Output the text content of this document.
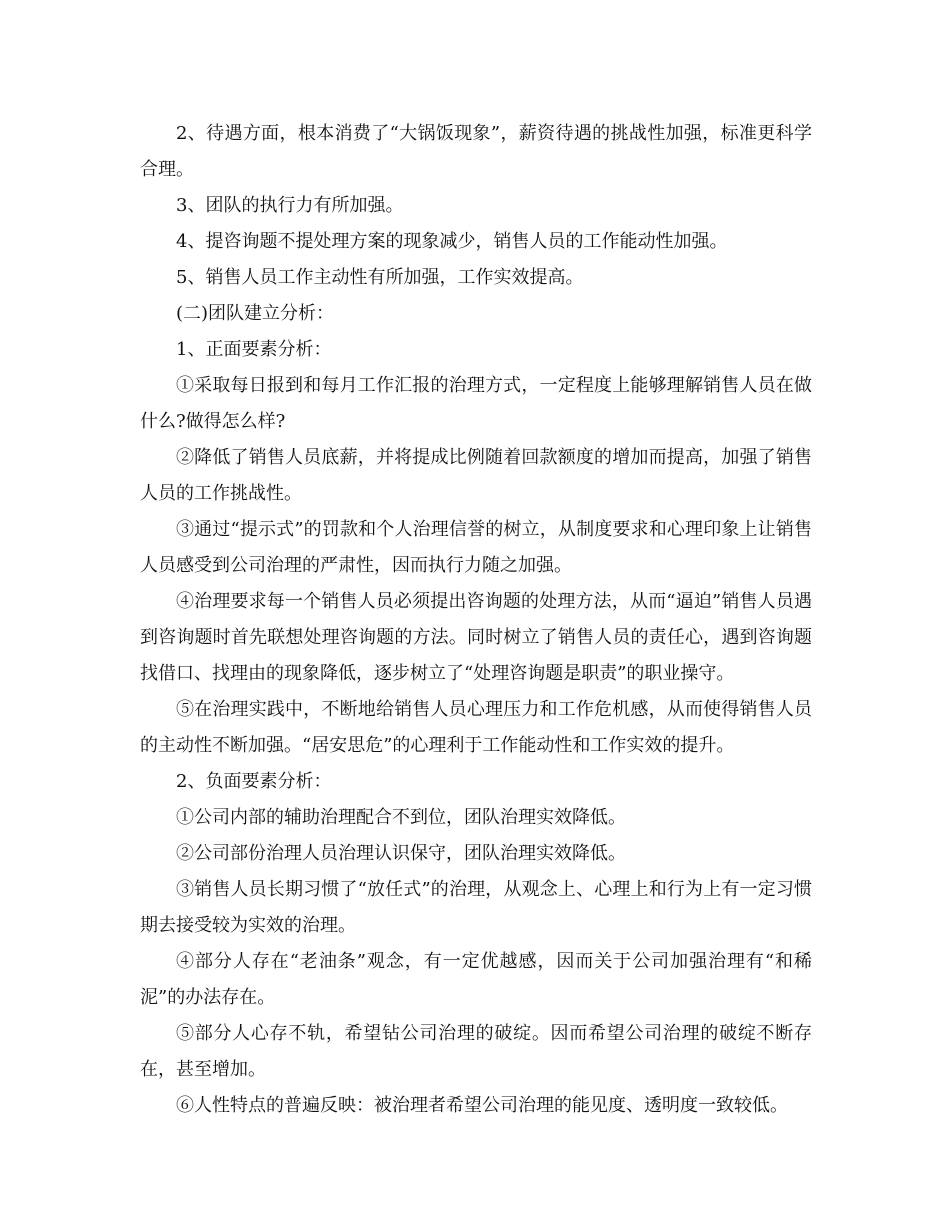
2、待遇方面，根本消费了“大锅饭现象”，薪资待遇的挑战性加强，标准更科学合理。

3、团队的执行力有所加强。

4、提咨询题不提处理方案的现象减少，销售人员的工作能动性加强。

5、销售人员工作主动性有所加强，工作实效提高。

(二)团队建立分析：

1、正面要素分析：

①采取每日报到和每月工作汇报的治理方式，一定程度上能够理解销售人员在做什么?做得怎么样?

②降低了销售人员底薪，并将提成比例随着回款额度的增加而提高，加强了销售人员的工作挑战性。

③通过“提示式”的罚款和个人治理信誉的树立，从制度要求和心理印象上让销售人员感受到公司治理的严肃性，因而执行力随之加强。

④治理要求每一个销售人员必须提出咨询题的处理方法，从而“逼迫”销售人员遇到咨询题时首先联想处理咨询题的方法。同时树立了销售人员的责任心，遇到咨询题找借口、找理由的现象降低，逐步树立了“处理咨询题是职责”的职业操守。

⑤在治理实践中，不断地给销售人员心理压力和工作危机感，从而使得销售人员的主动性不断加强。“居安思危”的心理利于工作能动性和工作实效的提升。

2、负面要素分析：

①公司内部的辅助治理配合不到位，团队治理实效降低。

②公司部份治理人员治理认识保守，团队治理实效降低。

③销售人员长期习惯了“放任式”的治理，从观念上、心理上和行为上有一定习惯期去接受较为实效的治理。

④部分人存在“老油条”观念，有一定优越感，因而关于公司加强治理有“和稀泥”的办法存在。

⑤部分人心存不轨，希望钻公司治理的破绽。因而希望公司治理的破绽不断存在，甚至增加。

⑥人性特点的普遍反映：被治理者希望公司治理的能见度、透明度一致较低。
